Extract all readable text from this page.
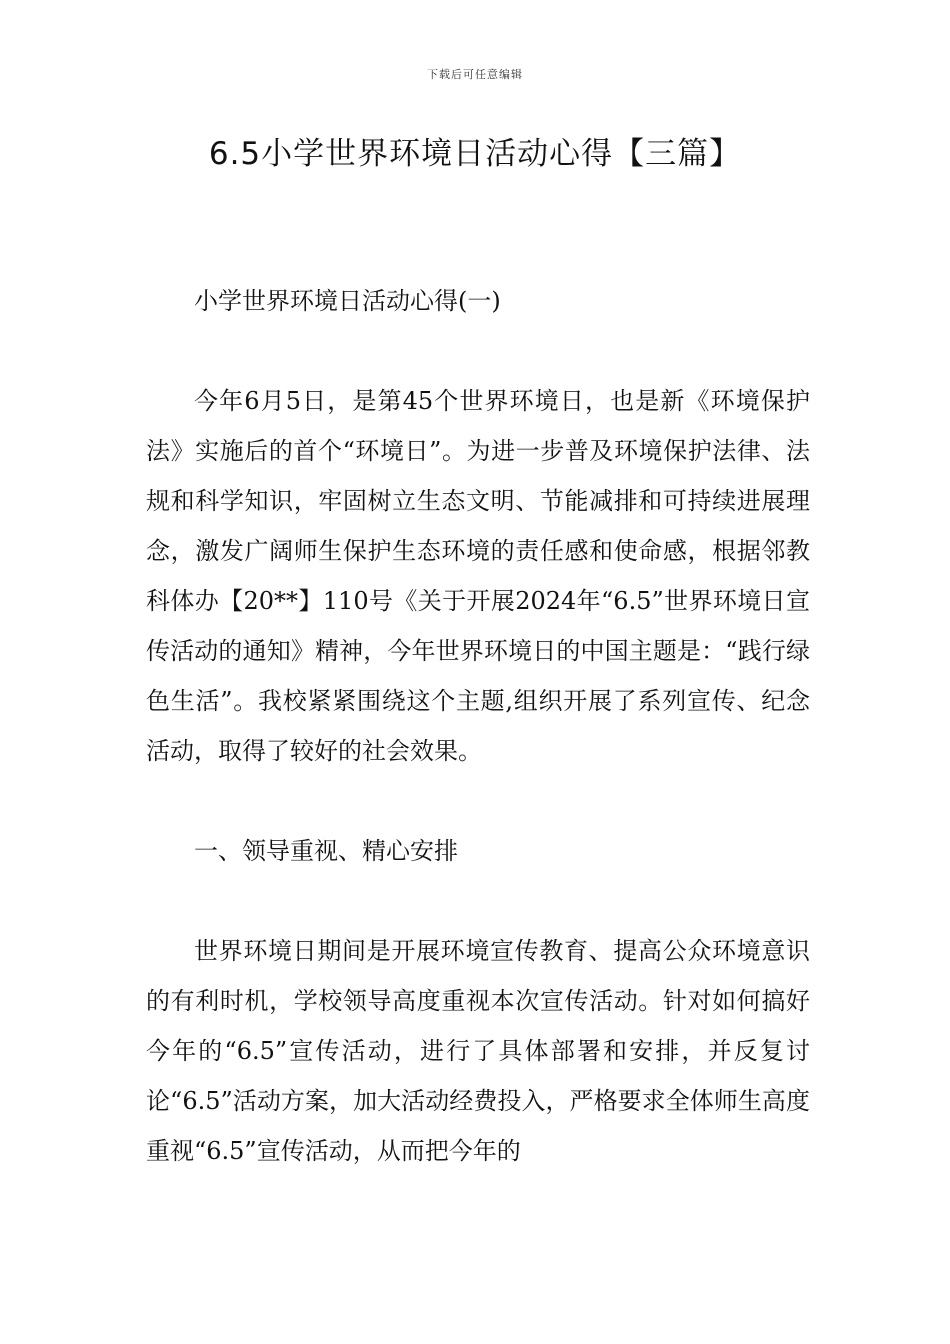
下载后可任意编辑
6.5小学世界环境日活动心得【三篇】

小学世界环境日活动心得(一)

今年6月5日，是第45个世界环境日，也是新《环境保护法》实施后的首个“环境日”。为进一步普及环境保护法律、法规和科学知识，牢固树立生态文明、节能减排和可持续进展理念，激发广阔师生保护生态环境的责任感和使命感，根据邻教科体办【20**】110号《关于开展2024年“6.5”世界环境日宣传活动的通知》精神，今年世界环境日的中国主题是：“践行绿色生活”。我校紧紧围绕这个主题,组织开展了系列宣传、纪念活动，取得了较好的社会效果。

一、领导重视、精心安排

世界环境日期间是开展环境宣传教育、提高公众环境意识的有利时机，学校领导高度重视本次宣传活动。针对如何搞好今年的“6.5”宣传活动，进行了具体部署和安排，并反复讨论“6.5”活动方案，加大活动经费投入，严格要求全体师生高度重视“6.5”宣传活动，从而把今年的
